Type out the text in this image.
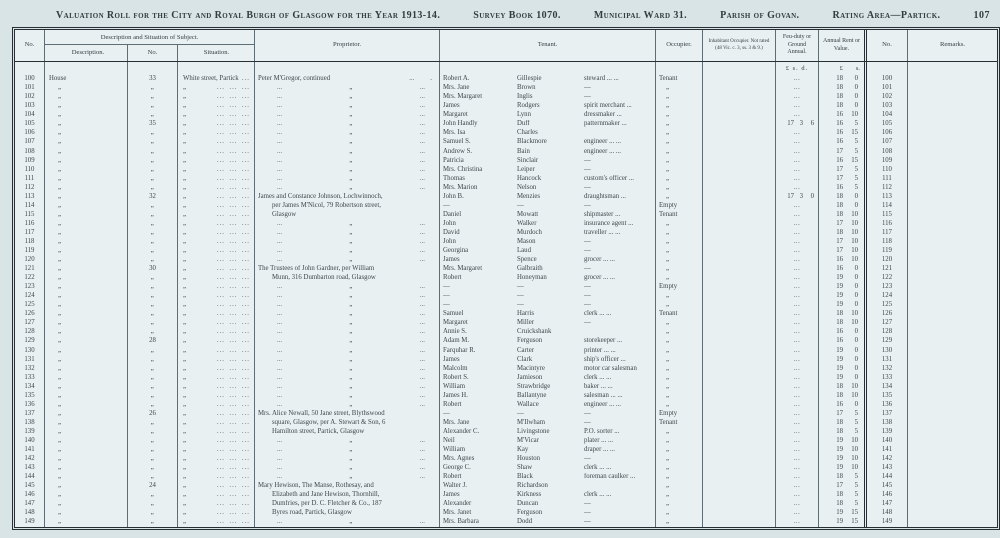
Valuation Roll for the City and Royal Burgh of Glasgow for the Year 1913-14.	Survey Book 1070.	Municipal Ward 31.	Parish of Govan.	Rating Area—Partick.	107
No.
Description and Situation of Subject.
Description.	No.	Situation.
Proprietor.	Tenant.	Occupier.	Inhabitant Occupier. Not rated (48 Vic. c. 3, ss. 3 & 9.)
Feu-duty or Ground Annual.
Annual Rent or Value.
No.	Remarks.
£ s. d.	£	s.
100	House	33	White street, Partick ...	Peter M'Gregor, continued	... . Robert A.	Gillespie	steward ... ...	Tenant	...	18	0	100
101	„	„	„	... ... ...	...	„	...	Mrs. Jane	Brown	—	„	...	18	0	101
102	„	„	„	... ... ...	...	„	...	Mrs. Margaret	Inglis	—	„	...	18	0	102
103	„	„	„	... ... ...	...	„	...	James	Rodgers	spirit merchant ...	„	...	18	0	103
104	„	„	„	... ... ...	...	„	...	Margaret	Lynn	dressmaker ...	„	...	16	10	104
105	„	35	„	... ... ...	...	„	...	John Handly	Duff	patternmaker ...	„	17 3	6	16	5	105
106	„	„	„	... ... ...	...	„	...	Mrs. Isa	Charles	„	...	16	15	106
107	„	„	„	... ... ...	...	„	...	Samuel S.	Blackmore	engineer ... ...	„	...	16	5	107
108	„	„	„	... ... ...	...	„	...	Andrew S.	Bain	engineer ... ...	„	...	17	5	108
109	„	„	„	... ... ...	...	„	...	Patricia	Sinclair	—	„	...	16	15	109
110	„	„	„	... ... ...	...	„	...	Mrs. Christina	Leiper	—	„	...	17	5	110
111	„	„	„	... ... ...	...	„	...	Thomas	Hancock	custom's officer ...	„	...	17	5	111
112	„	„	„	... ... ...	...	„	...	Mrs. Marion	Nelson	—	„	...	16	5	112
113	„	32	„	... ... ...	James and Constance Johnson, Lochwinnoch,	John B.	Menzies	draughtsman ...	„	17 3	0	18	0	113
114	„	„	„	... ... ...	per James M'Nicol, 79 Robertson street,	—	—	—	Empty	...	18	0	114
115	„	„	„	... ... ...	Glasgow	Daniel	Mowatt	shipmaster ...	Tenant	...	18	10	115
116	„	„	„	... ... ...	...	„	...	John	Walker	insurance agent ...	„	...	17	10	116
117	„	„	„	... ... ...	...	„	...	David	Murdoch	traveller ... ...	„	...	18	10	117
118	„	„	„	... ... ...	...	„	...	John	Mason	—	„	...	17	10	118
119	„	„	„	... ... ...	...	„	...	Georgina	Laud	—	„	...	17	10	119
120	„	„	„	... ... ...	...	„	...	James	Spence	grocer ... ...	„	...	16	10	120
121	„	30	„	... ... ...	The Trustees of John Gardner, per William	Mrs. Margaret	Galbraith	—	„	...	16	0	121
122	„	„	„	... ... ...	Munn, 316 Dumbarton road, Glasgow	Robert	Honeyman	grocer ... ...	„	...	19	0	122
123	„	„	„	... ... ...	...	„	...	—	—	—	Empty	...	19	0	123
124	„	„	„	... ... ...	...	„	...	—	—	—	„	...	19	0	124
125	„	„	„	... ... ...	...	„	...	—	—	—	„	...	19	0	125
126	„	„	„	... ... ...	...	„	...	Samuel	Harris	clerk ... ...	Tenant	...	18	10	126
127	„	„	„	... ... ...	...	„	...	Margaret	Miller	—	„	...	18	10	127
128	„	„	„	... ... ...	...	„	...	Annie S.	Cruickshank	„	...	16	0	128
129	„	28	„	... ... ...	...	„	...	Adam M.	Ferguson	storekeeper ...	„	...	16	0	129
130	„	„	„	... ... ...	...	„	...	Farquhar R.	Carter	printer ... ...	„	...	19	0	130
131	„	„	„	... ... ...	...	„	...	James	Clark	ship's officer ...	„	...	19	0	131
132	„	„	„	... ... ...	...	„	...	Malcolm	Macintyre	motor car salesman	„	...	19	0	132
133	„	„	„	... ... ...	...	„	...	Robert S.	Jamieson	clerk ... ...	„	...	19	0	133
134	„	„	„	... ... ...	...	„	...	William	Strawbridge	baker ... ...	„	...	18	10	134
135	„	„	„	... ... ...	...	„	...	James H.	Ballantyne	salesman ... ...	„	...	18	10	135
136	„	„	„	... ... ...	...	„	...	Robert	Wallace	engineer ... ...	„	...	16	0	136
137	„	26	„	... ... ...	Mrs. Alice Newall, 50 Jane street, Blythswood	—	—	—	Empty	...	17	5	137
138	„	„	„	... ... ...	square, Glasgow, per A. Stewart & Son, 6	Mrs. Jane	M'Ilwham	—	Tenant	...	18	5	138
139	„	„	„	... ... ...	Hamilton street, Partick, Glasgow	Alexander C.	Livingstone	P.O. sorter ...	„	...	18	5	139
140	„	„	„	... ... ...	...	„	...	Neil	M'Vicar	plater ... ...	„	...	19	10	140
141	„	„	„	... ... ...	...	„	...	William	Kay	draper ... ...	„	...	19	10	141
142	„	„	„	... ... ...	...	„	...	Mrs. Agnes	Houston	—	„	...	19	10	142
143	„	„	„	... ... ...	...	„	...	George C.	Shaw	clerk ... ...	„	...	19	10	143
144	„	„	„	... ... ...	...	„	...	Robert	Black	foreman caulker ...	„	...	18	5	144
145	„	24	„	... ... ...	Mary Hewison, The Manse, Rothesay, and	Walter J.	Richardson	„	...	17	5	145
146	„	„	„	... ... ...	Elizabeth and Jane Hewison, Thornhill,	James	Kirkness	clerk ... ...	„	...	18	5	146
147	„	„	„	... ... ...	Dumfries, per D. C. Fletcher & Co., 187	Alexander	Duncan	—	„	...	18	5	147
148	„	„	„	... ... ...	Byres road, Partick, Glasgow	Mrs. Janet	Ferguson	—	„	...	19	15	148
149	„	„	„	... ... ...	...	„	...	Mrs. Barbara	Dodd	—	„	...	19	15	149
